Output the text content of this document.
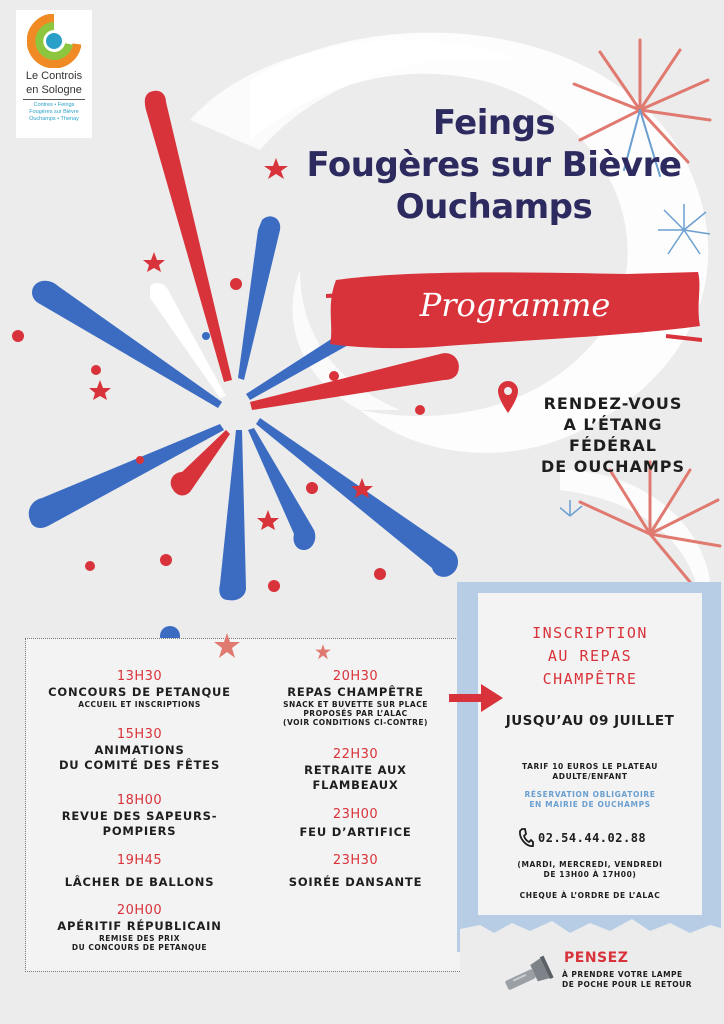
Le Controis
en Sologne
Contres • Feings
Fougères sur Bièvre
Ouchamps • Thenay	Feings
Fougères sur Bièvre
Ouchamps
Programme
RENDEZ-VOUS
A L’ÉTANG FÉDÉRAL
DE OUCHAMPS
13H30
CONCOURS DE PETANQUE
ACCUEIL ET INSCRIPTIONS
15H30
ANIMATIONS
DU COMITÉ DES FÊTES
18H00
REVUE DES SAPEURS-
POMPIERS
19H45
LÂCHER DE BALLONS
20H00
APÉRITIF RÉPUBLICAIN
REMISE DES PRIX
DU CONCOURS DE PETANQUE
20H30
REPAS CHAMPÊTRE
SNACK ET BUVETTE SUR PLACE
PROPOSÉS PAR L’ALAC
(VOIR CONDITIONS CI-CONTRE)
22H30
RETRAITE AUX
FLAMBEAUX
23H00
FEU D’ARTIFICE
23H30
SOIRÉE DANSANTE
INSCRIPTION
AU REPAS
CHAMPÊTRE
JUSQU’AU 09 JUILLET
TARIF 10 EUROS LE PLATEAU
ADULTE/ENFANT
RÉSERVATION OBLIGATOIRE
EN MAIRIE DE OUCHAMPS
02.54.44.02.88
(MARDI, MERCREDI, VENDREDI
DE 13H00 À 17H00)
CHEQUE À L’ORDRE DE L’ALAC
PENSEZ
À PRENDRE VOTRE LAMPE
DE POCHE POUR LE RETOUR
